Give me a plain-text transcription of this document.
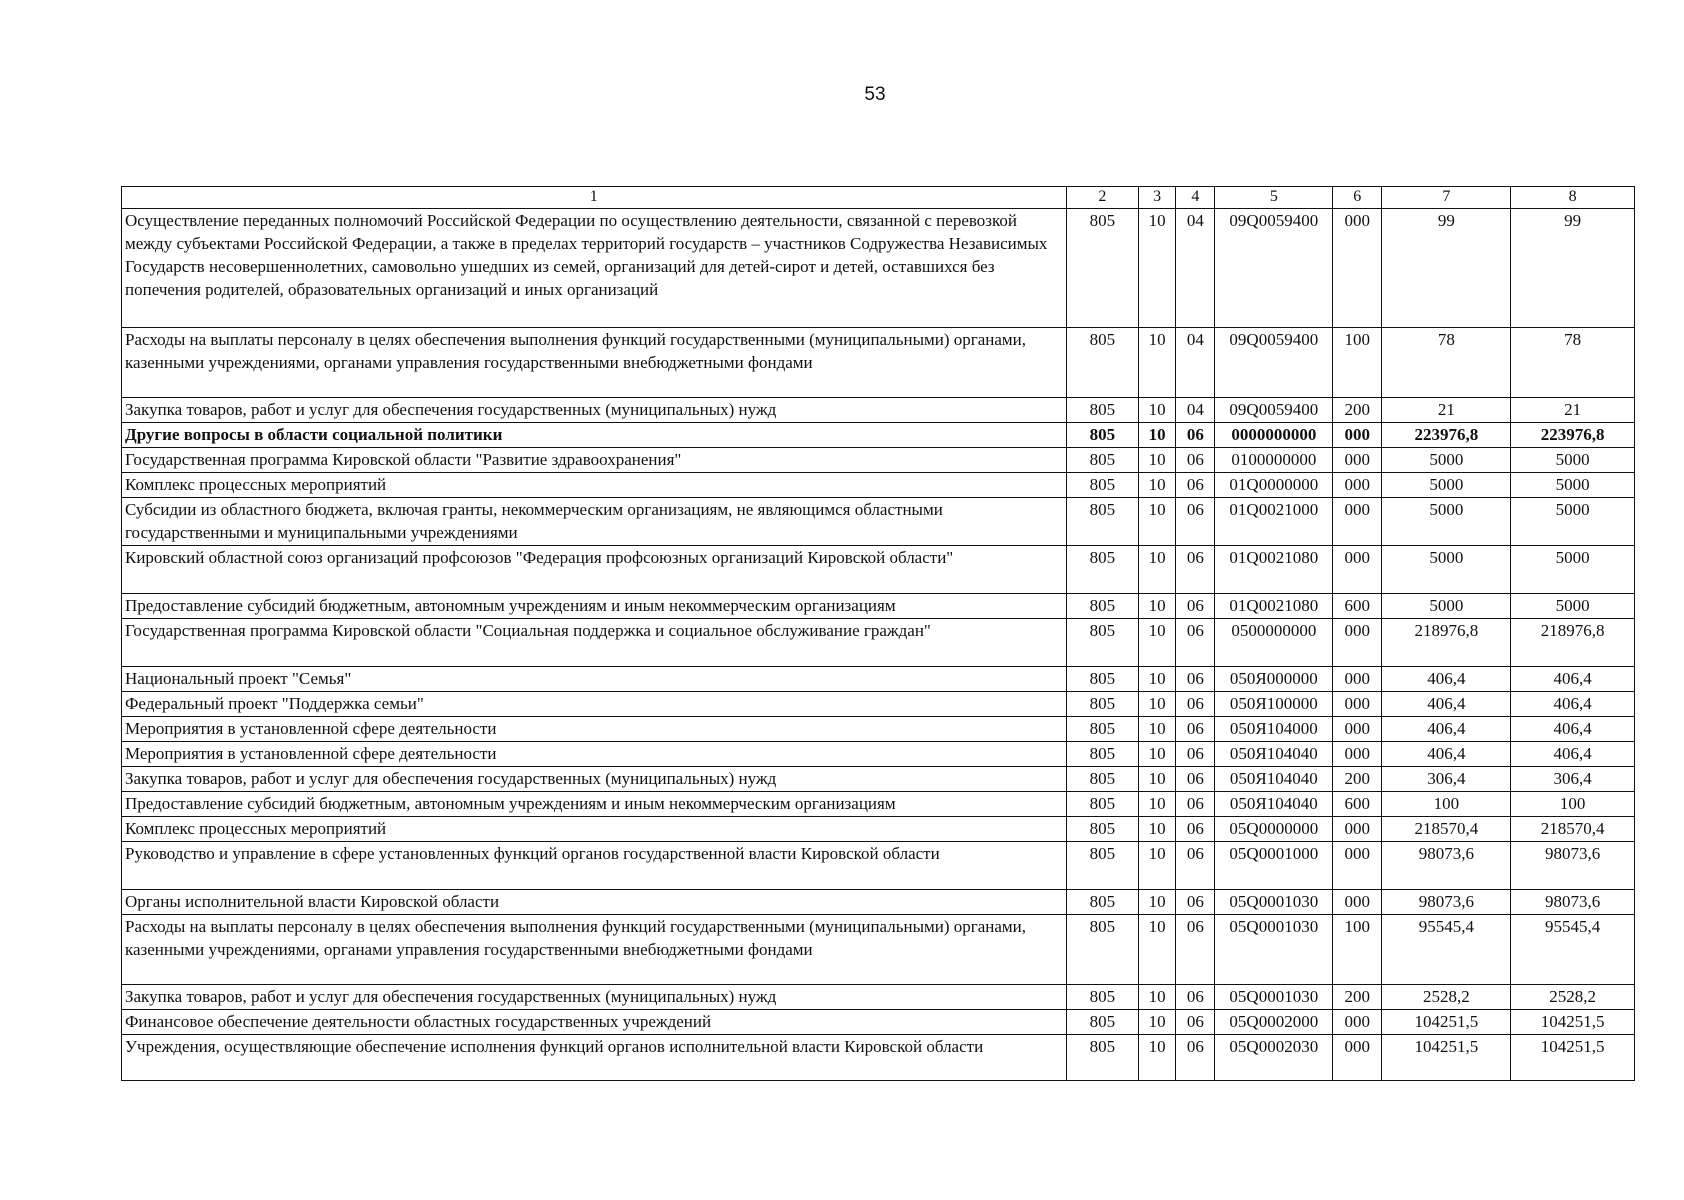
53
1	2	3	4	5	6	7	8
Осуществление переданных полномочий Российской Федерации по осуществлению деятельности, связанной с перевозкой между субъектами Российской Федерации, а также в пределах территорий государств – участников Содружества Независимых Государств несовершеннолетних, самовольно ушедших из семей, организаций для детей-сирот и детей, оставшихся без попечения родителей, образовательных организаций и иных организаций	805	10	04	09Q0059400	000	99	99
Расходы на выплаты персоналу в целях обеспечения выполнения функций государственными (муниципальными) органами, казенными учреждениями, органами управления государственными внебюджетными фондами	805	10	04	09Q0059400	100	78	78
Закупка товаров, работ и услуг для обеспечения государственных (муниципальных) нужд	805	10	04	09Q0059400	200	21	21
Другие вопросы в области социальной политики	805	10	06	0000000000	000	223976,8	223976,8
Государственная программа Кировской области "Развитие здравоохранения"	805	10	06	0100000000	000	5000	5000
Комплекс процессных мероприятий	805	10	06	01Q0000000	000	5000	5000
Субсидии из областного бюджета, включая гранты, некоммерческим организациям, не являющимся областными государственными и муниципальными учреждениями	805	10	06	01Q0021000	000	5000	5000
Кировский областной союз организаций профсоюзов "Федерация профсоюзных организаций Кировской области"	805	10	06	01Q0021080	000	5000	5000
Предоставление субсидий бюджетным, автономным учреждениям и иным некоммерческим организациям	805	10	06	01Q0021080	600	5000	5000
Государственная программа Кировской области "Социальная поддержка и социальное обслуживание граждан"	805	10	06	0500000000	000	218976,8	218976,8
Национальный проект "Семья"	805	10	06	050Я000000	000	406,4	406,4
Федеральный проект "Поддержка семьи"	805	10	06	050Я100000	000	406,4	406,4
Мероприятия в установленной сфере деятельности	805	10	06	050Я104000	000	406,4	406,4
Мероприятия в установленной сфере деятельности	805	10	06	050Я104040	000	406,4	406,4
Закупка товаров, работ и услуг для обеспечения государственных (муниципальных) нужд	805	10	06	050Я104040	200	306,4	306,4
Предоставление субсидий бюджетным, автономным учреждениям и иным некоммерческим организациям	805	10	06	050Я104040	600	100	100
Комплекс процессных мероприятий	805	10	06	05Q0000000	000	218570,4	218570,4
Руководство и управление в сфере установленных функций органов государственной власти Кировской области	805	10	06	05Q0001000	000	98073,6	98073,6
Органы исполнительной власти Кировской области	805	10	06	05Q0001030	000	98073,6	98073,6
Расходы на выплаты персоналу в целях обеспечения выполнения функций государственными (муниципальными) органами, казенными учреждениями, органами управления государственными внебюджетными фондами	805	10	06	05Q0001030	100	95545,4	95545,4
Закупка товаров, работ и услуг для обеспечения государственных (муниципальных) нужд	805	10	06	05Q0001030	200	2528,2	2528,2
Финансовое обеспечение деятельности областных государственных учреждений	805	10	06	05Q0002000	000	104251,5	104251,5
Учреждения, осуществляющие обеспечение исполнения функций органов исполнительной власти Кировской области	805	10	06	05Q0002030	000	104251,5	104251,5
